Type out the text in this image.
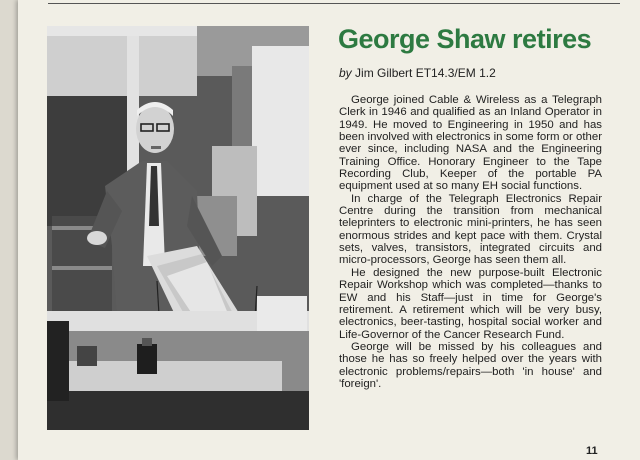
George Shaw retires
by Jim Gilbert ET14.3/EM 1.2

George joined Cable & Wireless as a Telegraph Clerk in 1946 and qualified as an Inland Operator in 1949. He moved to Engineering in 1950 and has been involved with electronics in some form or other ever since, including NASA and the Engineering Training Office. Honorary Engineer to the Tape Recording Club, Keeper of the portable PA equipment used at so many EH social functions.

In charge of the Telegraph Electronics Repair Centre during the transition from mechanical teleprinters to electronic mini-printers, he has seen enormous strides and kept pace with them. Crystal sets, valves, transistors, integrated circuits and micro-processors, George has seen them all.

He designed the new purpose-built Electronic Repair Workshop which was completed—thanks to EW and his Staff—just in time for George's retirement. A retirement which will be very busy, electronics, beer-tasting, hospital social worker and Life-Governor of the Cancer Research Fund.

George will be missed by his colleagues and those he has so freely helped over the years with electronic problems/repairs—both 'in house' and 'foreign'.

11
